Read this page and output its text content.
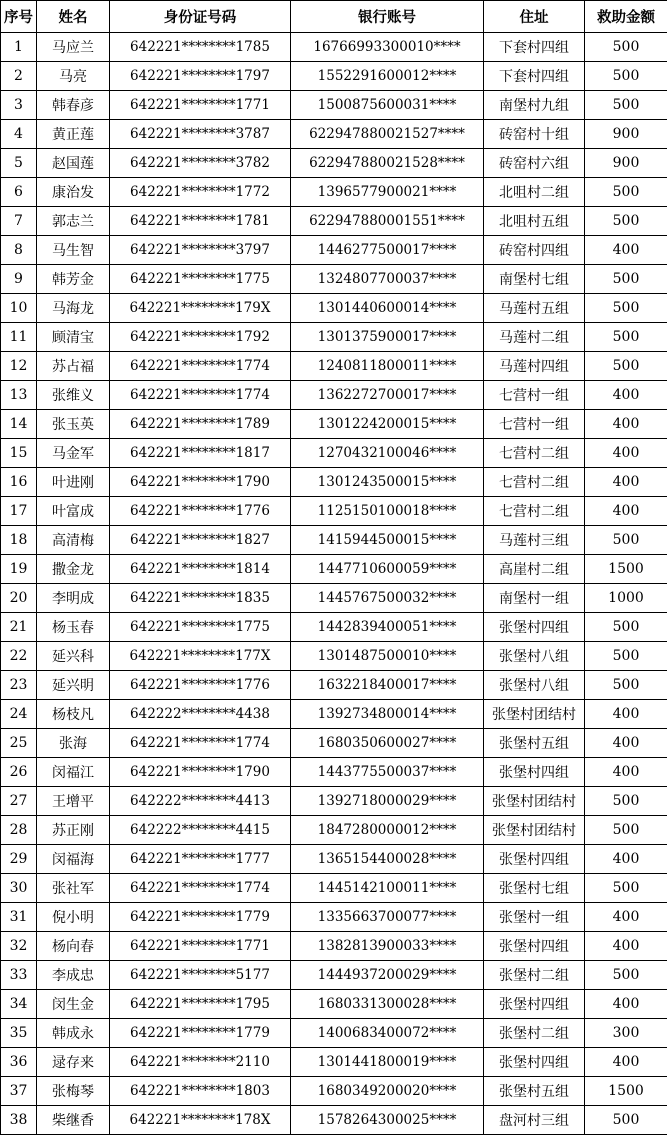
序号	姓名	身份证号码	银行账号	住址	救助金额
1	马应兰	642221********1785	16766993300010****	下套村四组	500
2	马亮	642221********1797	1552291600012****	下套村四组	500
3	韩春彦	642221********1771	1500875600031****	南堡村九组	500
4	黄正莲	642221********3787	622947880021527****	砖窑村十组	900
5	赵国莲	642221********3782	622947880021528****	砖窑村六组	900
6	康治发	642221********1772	1396577900021****	北咀村二组	500
7	郭志兰	642221********1781	622947880001551****	北咀村五组	500
8	马生智	642221********3797	1446277500017****	砖窑村四组	400
9	韩芳金	642221********1775	1324807700037****	南堡村七组	500
10	马海龙	642221********179X	1301440600014****	马莲村五组	500
11	顾清宝	642221********1792	1301375900017****	马莲村二组	500
12	苏占福	642221********1774	1240811800011****	马莲村四组	500
13	张维义	642221********1774	1362272700017****	七营村一组	400
14	张玉英	642221********1789	1301224200015****	七营村一组	400
15	马金军	642221********1817	1270432100046****	七营村二组	400
16	叶进刚	642221********1790	1301243500015****	七营村二组	400
17	叶富成	642221********1776	1125150100018****	七营村二组	400
18	高清梅	642221********1827	1415944500015****	马莲村三组	500
19	撒金龙	642221********1814	1447710600059****	高崖村二组	1500
20	李明成	642221********1835	1445767500032****	南堡村一组	1000
21	杨玉春	642221********1775	1442839400051****	张堡村四组	500
22	延兴科	642221********177X	1301487500010****	张堡村八组	500
23	延兴明	642221********1776	1632218400017****	张堡村八组	500
24	杨枝凡	642222********4438	1392734800014****	张堡村团结村	400
25	张海	642221********1774	1680350600027****	张堡村五组	400
26	闵福江	642221********1790	1443775500037****	张堡村四组	400
27	王增平	642222********4413	1392718000029****	张堡村团结村	500
28	苏正刚	642222********4415	1847280000012****	张堡村团结村	500
29	闵福海	642221********1777	1365154400028****	张堡村四组	400
30	张社军	642221********1774	1445142100011****	张堡村七组	500
31	倪小明	642221********1779	1335663700077****	张堡村一组	400
32	杨向春	642221********1771	1382813900033****	张堡村四组	400
33	李成忠	642221********5177	1444937200029****	张堡村二组	500
34	闵生金	642221********1795	1680331300028****	张堡村四组	400
35	韩成永	642221********1779	1400683400072****	张堡村二组	300
36	逯存来	642221********2110	1301441800019****	张堡村四组	400
37	张梅琴	642221********1803	1680349200020****	张堡村五组	1500
38	柴继香	642221********178X	1578264300025****	盘河村三组	500
